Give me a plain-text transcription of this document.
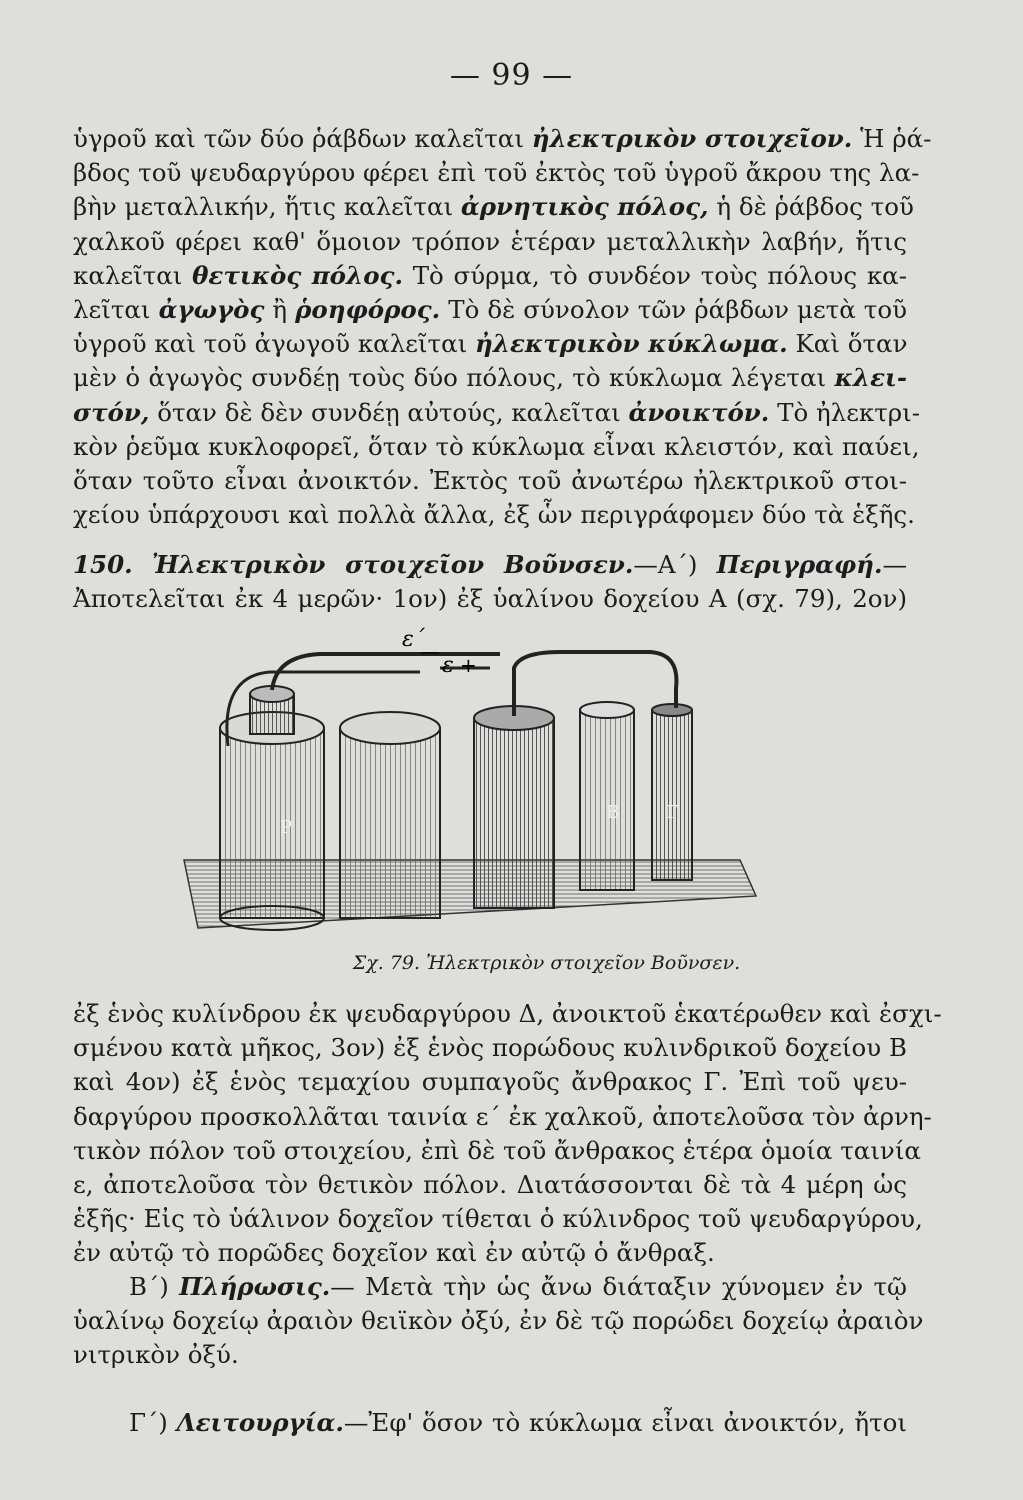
— 99 —
ὑγροῦ καὶ τῶν δύο ῥάβδων καλεῖται ἠλεκτρικὸν στοιχεῖον. Ἡ ῥά-
βδος τοῦ ψευδαργύρου φέρει ἐπὶ τοῦ ἐκτὸς τοῦ ὑγροῦ ἄκρου της λα-
βὴν μεταλλικήν, ἥτις καλεῖται ἀρνητικὸς πόλος, ἡ δὲ ῥάβδος τοῦ
χαλκοῦ φέρει καθ' ὅμοιον τρόπον ἑτέραν μεταλλικὴν λαβήν, ἥτις
καλεῖται θετικὸς πόλος. Τὸ σύρμα, τὸ συνδέον τοὺς πόλους κα-
λεῖται ἀγωγὸς ἢ ῥοηφόρος. Τὸ δὲ σύνολον τῶν ῥάβδων μετὰ τοῦ
ὑγροῦ καὶ τοῦ ἀγωγοῦ καλεῖται ἠλεκτρικὸν κύκλωμα. Καὶ ὅταν
μὲν ὁ ἀγωγὸς συνδέῃ τοὺς δύο πόλους, τὸ κύκλωμα λέγεται κλει-
στόν, ὅταν δὲ δὲν συνδέῃ αὐτούς, καλεῖται ἀνοικτόν. Τὸ ἠλεκτρι-
κὸν ῥεῦμα κυκλοφορεῖ, ὅταν τὸ κύκλωμα εἶναι κλειστόν, καὶ παύει,
ὅταν τοῦτο εἶναι ἀνοικτόν. Ἐκτὸς τοῦ ἀνωτέρω ἠλεκτρικοῦ στοι-
χείου ὑπάρχουσι καὶ πολλὰ ἄλλα, ἐξ ὧν περιγράφομεν δύο τὰ ἑξῆς.
150. Ἠλεκτρικὸν στοιχεῖον Βοῦνσεν.—Α΄) Περιγραφή.—
Ἀποτελεῖται ἐκ 4 μερῶν· 1ον) ἐξ ὑαλίνου δοχείου Α (σχ. 79), 2ον)
P
B	Γ
ε΄
—
ε +
Σχ. 79. Ἠλεκτρικὸν στοιχεῖον Βοῦνσεν.
ἐξ ἑνὸς κυλίνδρου ἐκ ψευδαργύρου Δ, ἀνοικτοῦ ἑκατέρωθεν καὶ ἐσχι-
σμένου κατὰ μῆκος, 3ον) ἐξ ἑνὸς πορώδους κυλινδρικοῦ δοχείου Β
καὶ 4ον) ἐξ ἑνὸς τεμαχίου συμπαγοῦς ἄνθρακος Γ. Ἐπὶ τοῦ ψευ-
δαργύρου προσκολλᾶται ταινία ε΄ ἐκ χαλκοῦ, ἀποτελοῦσα τὸν ἀρνη-
τικὸν πόλον τοῦ στοιχείου, ἐπὶ δὲ τοῦ ἄνθρακος ἑτέρα ὁμοία ταινία
ε, ἀποτελοῦσα τὸν θετικὸν πόλον. Διατάσσονται δὲ τὰ 4 μέρη ὡς
ἑξῆς· Εἰς τὸ ὑάλινον δοχεῖον τίθεται ὁ κύλινδρος τοῦ ψευδαργύρου,
ἐν αὐτῷ τὸ πορῶδες δοχεῖον καὶ ἐν αὐτῷ ὁ ἄνθραξ.
Β΄) Πλήρωσις.— Μετὰ τὴν ὡς ἄνω διάταξιν χύνομεν ἐν τῷ
ὑαλίνῳ δοχείῳ ἀραιὸν θειϊκὸν ὀξύ, ἐν δὲ τῷ πορώδει δοχείῳ ἀραιὸν
νιτρικὸν ὀξύ.
Γ΄) Λειτουργία.—Ἐφ' ὅσον τὸ κύκλωμα εἶναι ἀνοικτόν, ἤτοι
